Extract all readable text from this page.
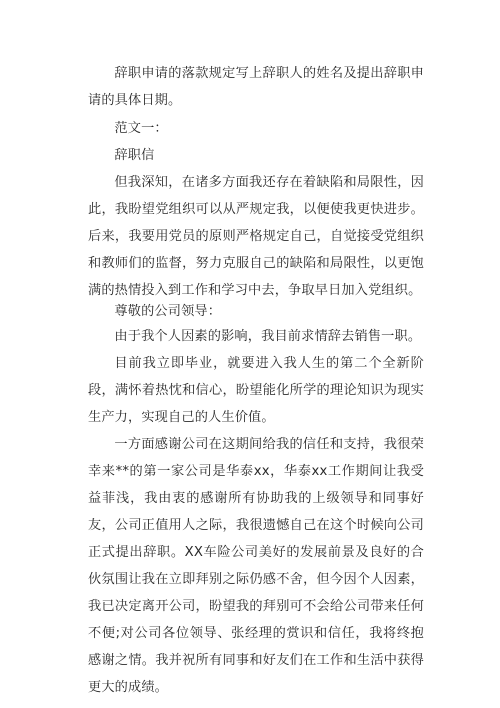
辞职申请的落款规定写上辞职人的姓名及提出辞职申请的具体日期。

范文一：

辞职信

但我深知，在诸多方面我还存在着缺陷和局限性，因此，我盼望党组织可以从严规定我，以便使我更快进步。后来，我要用党员的原则严格规定自己，自觉接受党组织和教师们的监督，努力克服自己的缺陷和局限性，以更饱满的热情投入到工作和学习中去，争取早日加入党组织。

尊敬的公司领导：

由于我个人因素的影响，我目前求情辞去销售一职。

目前我立即毕业，就要进入我人生的第二个全新阶段，满怀着热忱和信心，盼望能化所学的理论知识为现实生产力，实现自己的人生价值。

一方面感谢公司在这期间给我的信任和支持，我很荣幸来**的第一家公司是华泰xx，华泰xx工作期间让我受益菲浅，我由衷的感谢所有协助我的上级领导和同事好友，公司正值用人之际，我很遗憾自己在这个时候向公司正式提出辞职。XX车险公司美好的发展前景及良好的合伙氛围让我在立即拜别之际仍感不舍，但今因个人因素，我已决定离开公司，盼望我的拜别可不会给公司带来任何不便;对公司各位领导、张经理的赏识和信任，我将终抱感谢之情。我并祝所有同事和好友们在工作和生活中获得更大的成绩。
